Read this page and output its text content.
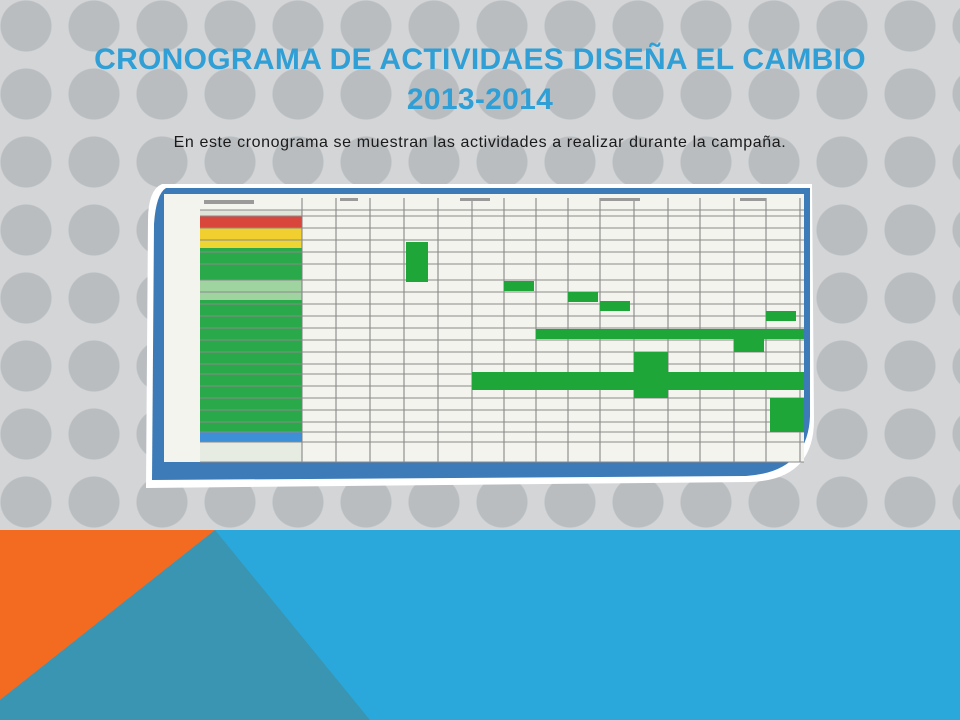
CRONOGRAMA DE ACTIVIDAES DISEÑA EL CAMBIO 2013-2014

En este cronograma se muestran las actividades a realizar durante la campaña.
